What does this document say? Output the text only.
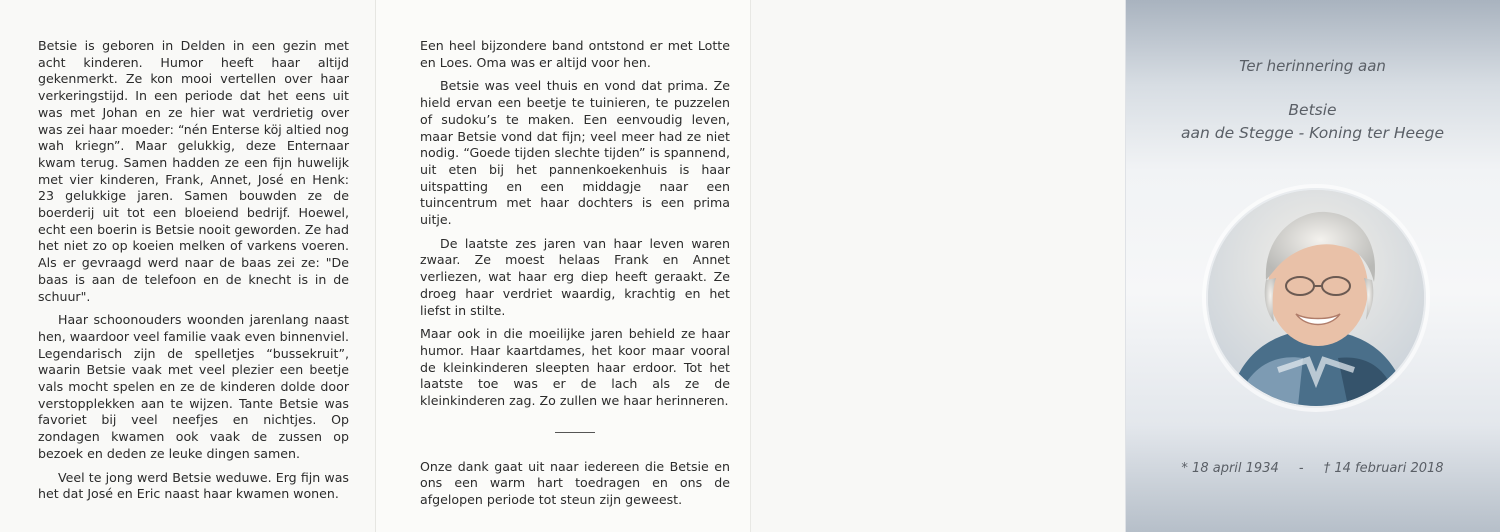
Betsie is geboren in Delden in een gezin met acht kinderen. Humor heeft haar altijd gekenmerkt. Ze kon mooi vertellen over haar verkeringstijd. In een periode dat het eens uit was met Johan en ze hier wat verdrietig over was zei haar moeder: “nén Enterse köj altied nog wah kriegn”. Maar gelukkig, deze Enternaar kwam terug. Samen hadden ze een fijn huwelijk met vier kinderen, Frank, Annet, José en Henk: 23 gelukkige jaren. Samen bouwden ze de boerderij uit tot een bloeiend bedrijf. Hoewel, echt een boerin is Betsie nooit geworden. Ze had het niet zo op koeien melken of varkens voeren. Als er gevraagd werd naar de baas zei ze: "De baas is aan de telefoon en de knecht is in de schuur".

Haar schoonouders woonden jarenlang naast hen, waardoor veel familie vaak even binnenviel. Legendarisch zijn de spelletjes “bussekruit”, waarin Betsie vaak met veel plezier een beetje vals mocht spelen en ze de kinderen dolde door verstopplekken aan te wijzen. Tante Betsie was favoriet bij veel neefjes en nichtjes. Op zondagen kwamen ook vaak de zussen op bezoek en deden ze leuke dingen samen.

Veel te jong werd Betsie weduwe. Erg fijn was het dat José en Eric naast haar kwamen wonen.

Een heel bijzondere band ontstond er met Lotte en Loes. Oma was er altijd voor hen.

Betsie was veel thuis en vond dat prima. Ze hield ervan een beetje te tuinieren, te puzzelen of sudoku’s te maken. Een eenvoudig leven, maar Betsie vond dat fijn; veel meer had ze niet nodig. “Goede tijden slechte tijden” is spannend, uit eten bij het pannenkoekenhuis is haar uitspatting en een middagje naar een tuincentrum met haar dochters is een prima uitje.

De laatste zes jaren van haar leven waren zwaar. Ze moest helaas Frank en Annet verliezen, wat haar erg diep heeft geraakt. Ze droeg haar verdriet waardig, krachtig en het liefst in stilte.

Maar ook in die moeilijke jaren behield ze haar humor. Haar kaartdames, het koor maar vooral de kleinkinderen sleepten haar erdoor. Tot het laatste toe was er de lach als ze de kleinkinderen zag. Zo zullen we haar herinneren.

Onze dank gaat uit naar iedereen die Betsie en ons een warm hart toedragen en ons de afgelopen periode tot steun zijn geweest.

Ter herinnering aan
Betsie
aan de Stegge - Koning ter Heege
* 18 april 1934 - † 14 februari 2018
